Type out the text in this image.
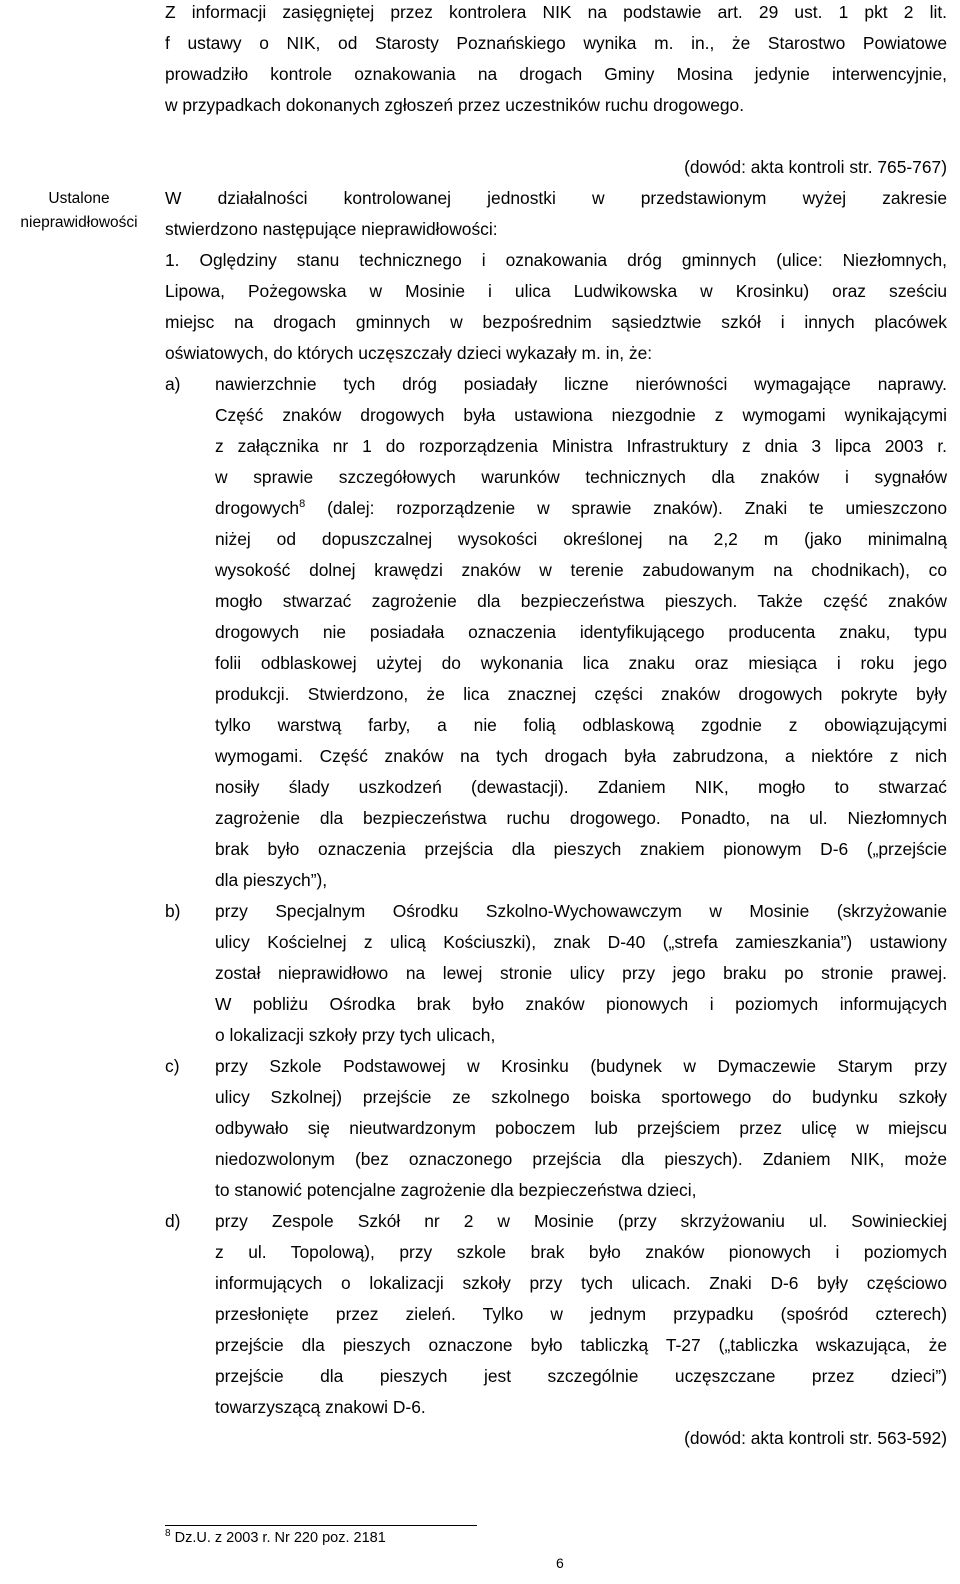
Ustalone
nieprawidłowości
Z informacji zasięgniętej przez kontrolera NIK na podstawie art. 29 ust. 1 pkt 2 lit.
f ustawy o NIK, od Starosty Poznańskiego wynika m. in., że Starostwo Powiatowe
prowadziło kontrole oznakowania na drogach Gminy Mosina jedynie interwencyjnie,
w przypadkach dokonanych zgłoszeń przez uczestników ruchu drogowego.
(dowód: akta kontroli str. 765-767)
W działalności kontrolowanej jednostki w przedstawionym wyżej zakresie
stwierdzono następujące nieprawidłowości:
1. Oględziny stanu technicznego i oznakowania dróg gminnych (ulice: Niezłomnych,
Lipowa, Pożegowska w Mosinie i ulica Ludwikowska w Krosinku) oraz sześciu
miejsc na drogach gminnych w bezpośrednim sąsiedztwie szkół i innych placówek
oświatowych, do których uczęszczały dzieci wykazały m. in, że:
a) nawierzchnie tych dróg posiadały liczne nierówności wymagające naprawy.
Część znaków drogowych była ustawiona niezgodnie z wymogami wynikającymi
z załącznika nr 1 do rozporządzenia Ministra Infrastruktury z dnia 3 lipca 2003 r.
w sprawie szczegółowych warunków technicznych dla znaków i sygnałów
drogowych$^8$ (dalej: rozporządzenie w sprawie znaków). Znaki te umieszczono
niżej od dopuszczalnej wysokości określonej na 2,2 m (jako minimalną
wysokość dolnej krawędzi znaków w terenie zabudowanym na chodnikach), co
mogło stwarzać zagrożenie dla bezpieczeństwa pieszych. Także część znaków
drogowych nie posiadała oznaczenia identyfikującego producenta znaku, typu
folii odblaskowej użytej do wykonania lica znaku oraz miesiąca i roku jego
produkcji. Stwierdzono, że lica znacznej części znaków drogowych pokryte były
tylko warstwą farby, a nie folią odblaskową zgodnie z obowiązującymi
wymogami. Część znaków na tych drogach była zabrudzona, a niektóre z nich
nosiły ślady uszkodzeń (dewastacji). Zdaniem NIK, mogło to stwarzać
zagrożenie dla bezpieczeństwa ruchu drogowego. Ponadto, na ul. Niezłomnych
brak było oznaczenia przejścia dla pieszych znakiem pionowym D-6 („przejście
dla pieszych”),
b) przy Specjalnym Ośrodku Szkolno-Wychowawczym w Mosinie (skrzyżowanie
ulicy Kościelnej z ulicą Kościuszki), znak D-40 („strefa zamieszkania”) ustawiony
został nieprawidłowo na lewej stronie ulicy przy jego braku po stronie prawej.
W pobliżu Ośrodka brak było znaków pionowych i poziomych informujących
o lokalizacji szkoły przy tych ulicach,
c) przy Szkole Podstawowej w Krosinku (budynek w Dymaczewie Starym przy
ulicy Szkolnej) przejście ze szkolnego boiska sportowego do budynku szkoły
odbywało się nieutwardzonym poboczem lub przejściem przez ulicę w miejscu
niedozwolonym (bez oznaczonego przejścia dla pieszych). Zdaniem NIK, może
to stanowić potencjalne zagrożenie dla bezpieczeństwa dzieci,
d) przy Zespole Szkół nr 2 w Mosinie (przy skrzyżowaniu ul. Sowinieckiej
z ul. Topolową), przy szkole brak było znaków pionowych i poziomych
informujących o lokalizacji szkoły przy tych ulicach. Znaki D-6 były częściowo
przesłonięte przez zieleń. Tylko w jednym przypadku (spośród czterech)
przejście dla pieszych oznaczone było tabliczką T-27 („tabliczka wskazująca, że
przejście dla pieszych jest szczególnie uczęszczane przez dzieci”)
towarzyszącą znakowi D-6.
(dowód: akta kontroli str. 563-592)
$^8$ Dz.U. z 2003 r. Nr 220 poz. 2181
6
